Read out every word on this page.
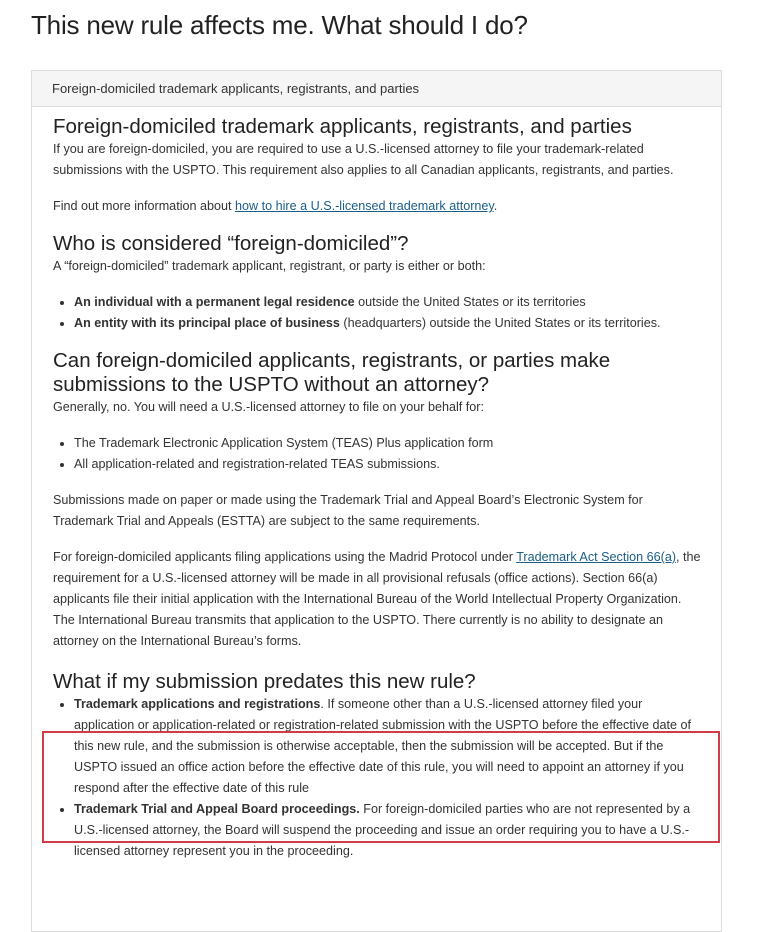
This new rule affects me. What should I do?
Foreign-domiciled trademark applicants, registrants, and parties
Foreign-domiciled trademark applicants, registrants, and parties

If you are foreign-domiciled, you are required to use a U.S.-licensed attorney to file your trademark-related submissions with the USPTO. This requirement also applies to all Canadian applicants, registrants, and parties.

Find out more information about how to hire a U.S.-licensed trademark attorney.

Who is considered “foreign-domiciled”?

A “foreign-domiciled” trademark applicant, registrant, or party is either or both:

• An individual with a permanent legal residence outside the United States or its territories
• An entity with its principal place of business (headquarters) outside the United States or its territories.
Can foreign-domiciled applicants, registrants, or parties make submissions to the USPTO without an attorney?

Generally, no. You will need a U.S.-licensed attorney to file on your behalf for:

• The Trademark Electronic Application System (TEAS) Plus application form
• All application-related and registration-related TEAS submissions.

Submissions made on paper or made using the Trademark Trial and Appeal Board’s Electronic System for Trademark Trial and Appeals (ESTTA) are subject to the same requirements.

For foreign-domiciled applicants filing applications using the Madrid Protocol under Trademark Act Section 66(a), the requirement for a U.S.-licensed attorney will be made in all provisional refusals (office actions). Section 66(a) applicants file their initial application with the International Bureau of the World Intellectual Property Organization. The International Bureau transmits that application to the USPTO. There currently is no ability to designate an attorney on the International Bureau’s forms.

What if my submission predates this new rule?
• Trademark applications and registrations. If someone other than a U.S.-licensed attorney filed your application or application-related or registration-related submission with the USPTO before the effective date of this new rule, and the submission is otherwise acceptable, then the submission will be accepted. But if the USPTO issued an office action before the effective date of this rule, you will need to appoint an attorney if you respond after the effective date of this rule
• Trademark Trial and Appeal Board proceedings. For foreign-domiciled parties who are not represented by a U.S.-licensed attorney, the Board will suspend the proceeding and issue an order requiring you to have a U.S.-licensed attorney represent you in the proceeding.
